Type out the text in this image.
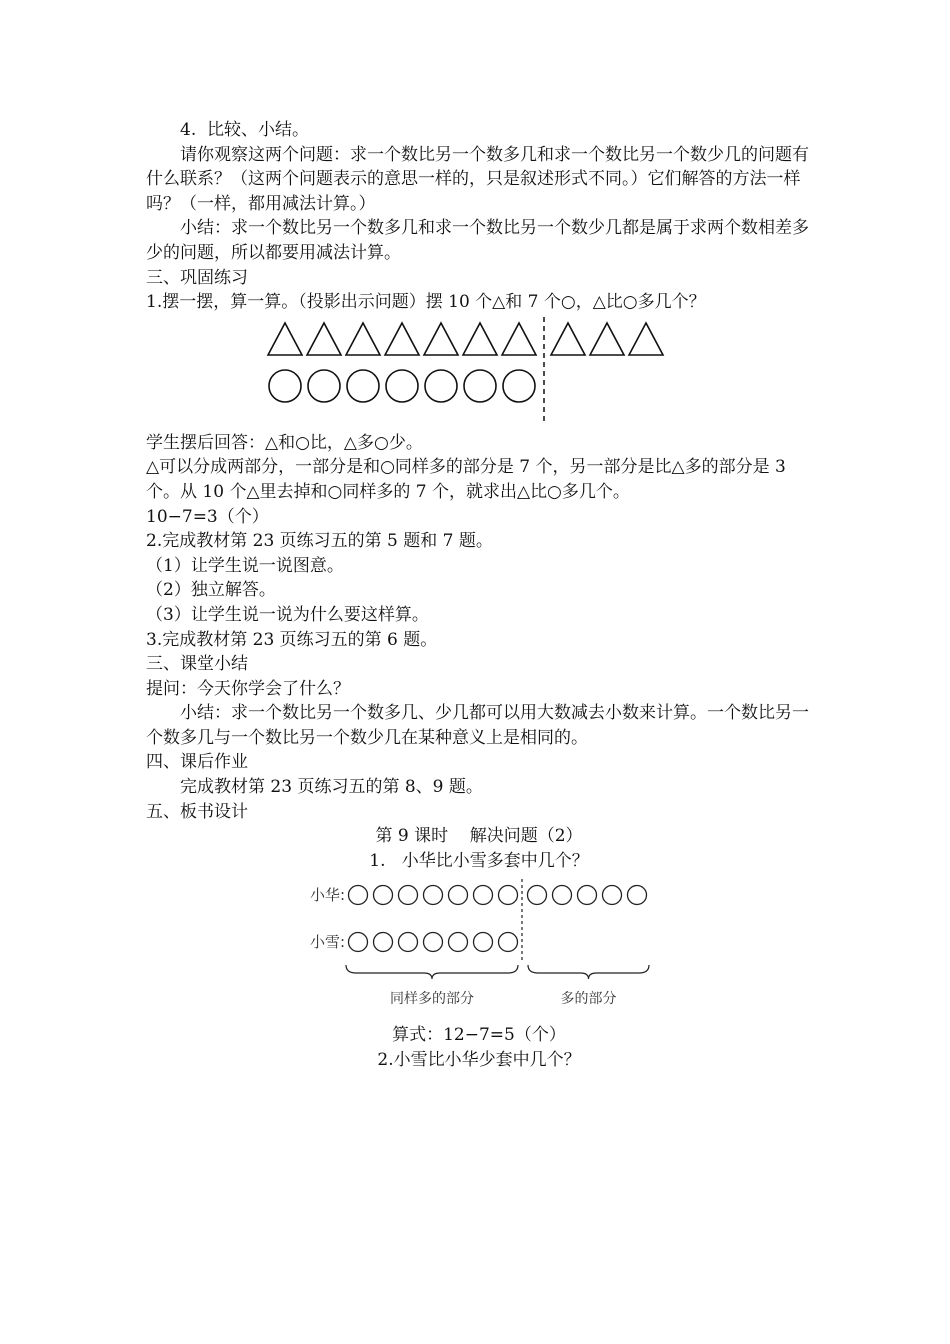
4.  比较、小结。

请你观察这两个问题：求一个数比另一个数多几和求一个数比另一个数少几的问题有什么联系？（这两个问题表示的意思一样的，只是叙述形式不同。）它们解答的方法一样吗？（一样，都用减法计算。）

小结：求一个数比另一个数多几和求一个数比另一个数少几都是属于求两个数相差多少的问题，所以都要用减法计算。

三、巩固练习

1.摆一摆，算一算。（投影出示问题）摆 10 个△和 7 个○，△比○多几个？

学生摆后回答：△和○比，△多○少。

△可以分成两部分，一部分是和○同样多的部分是 7 个，另一部分是比△多的部分是 3 个。从 10 个△里去掉和○同样多的 7 个，就求出△比○多几个。

10−7=3（个）

2.完成教材第 23 页练习五的第 5 题和 7 题。

（1）让学生说一说图意。

（2）独立解答。

（3）让学生说一说为什么要这样算。

3.完成教材第 23 页练习五的第 6 题。

三、课堂小结

提问：今天你学会了什么？

小结：求一个数比另一个数多几、少几都可以用大数减去小数来计算。一个数比另一个数多几与一个数比另一个数少几在某种意义上是相同的。

四、课后作业

完成教材第 23 页练习五的第 8、9 题。

五、板书设计

第 9 课时    解决问题（2）

1.   小华比小雪多套中几个？

小华:
小雪:
同样多的部分	多的部分

算式：12−7=5（个）

2.小雪比小华少套中几个？
